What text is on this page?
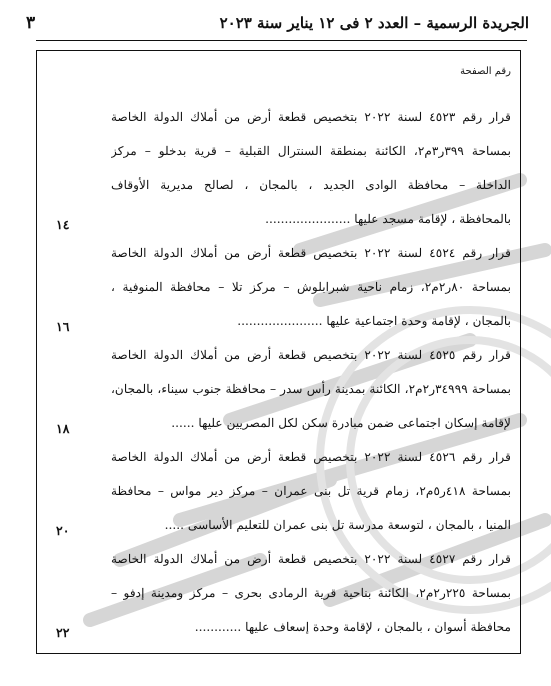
٣	الجريدة الرسمية – العدد ٢ فى ١٢ يناير سنة ٢٠٢٣
رقم الصفحة
قرار رقم ٤٥٢٣ لسنة ٢٠٢٢ بتخصيص قطعة أرض من أملاك الدولة الخاصة
بمساحة ٣٩٩ر٣م٢، الكائنة بمنطقة السنترال القبلية – قرية بدخلو – مركز
الداخلة – محافظة الوادى الجديد ، بالمجان ، لصالح مديرية الأوقاف
بالمحافظة ، لإقامة مسجد عليها ......................
١٤
قرار رقم ٤٥٢٤ لسنة ٢٠٢٢ بتخصيص قطعة أرض من أملاك الدولة الخاصة
بمساحة ٨٠ر٢م٢، زمام ناحية شبرابلوش – مركز تلا – محافظة المنوفية ،
بالمجان ، لإقامة وحدة اجتماعية عليها ......................
١٦
قرار رقم ٤٥٢٥ لسنة ٢٠٢٢ بتخصيص قطعة أرض من أملاك الدولة الخاصة
بمساحة ٣٤٩٩٩ر٢م٢، الكائنة بمدينة رأس سدر – محافظة جنوب سيناء، بالمجان،
لإقامة إسكان اجتماعى ضمن مبادرة سكن لكل المصريين عليها ......
١٨
قرار رقم ٤٥٢٦ لسنة ٢٠٢٢ بتخصيص قطعة أرض من أملاك الدولة الخاصة
بمساحة ٤١٨ر٥م٢، زمام قرية تل بنى عمران – مركز دير مواس – محافظة
المنيا ، بالمجان ، لتوسعة مدرسة تل بنى عمران للتعليم الأساسى .....
٢٠
قرار رقم ٤٥٢٧ لسنة ٢٠٢٢ بتخصيص قطعة أرض من أملاك الدولة الخاصة
بمساحة ٢٢٥ر٢م٢، الكائنة بناحية قرية الرمادى بحرى – مركز ومدينة إدفو –
محافظة أسوان ، بالمجان ، لإقامة وحدة إسعاف عليها ............
٢٢
